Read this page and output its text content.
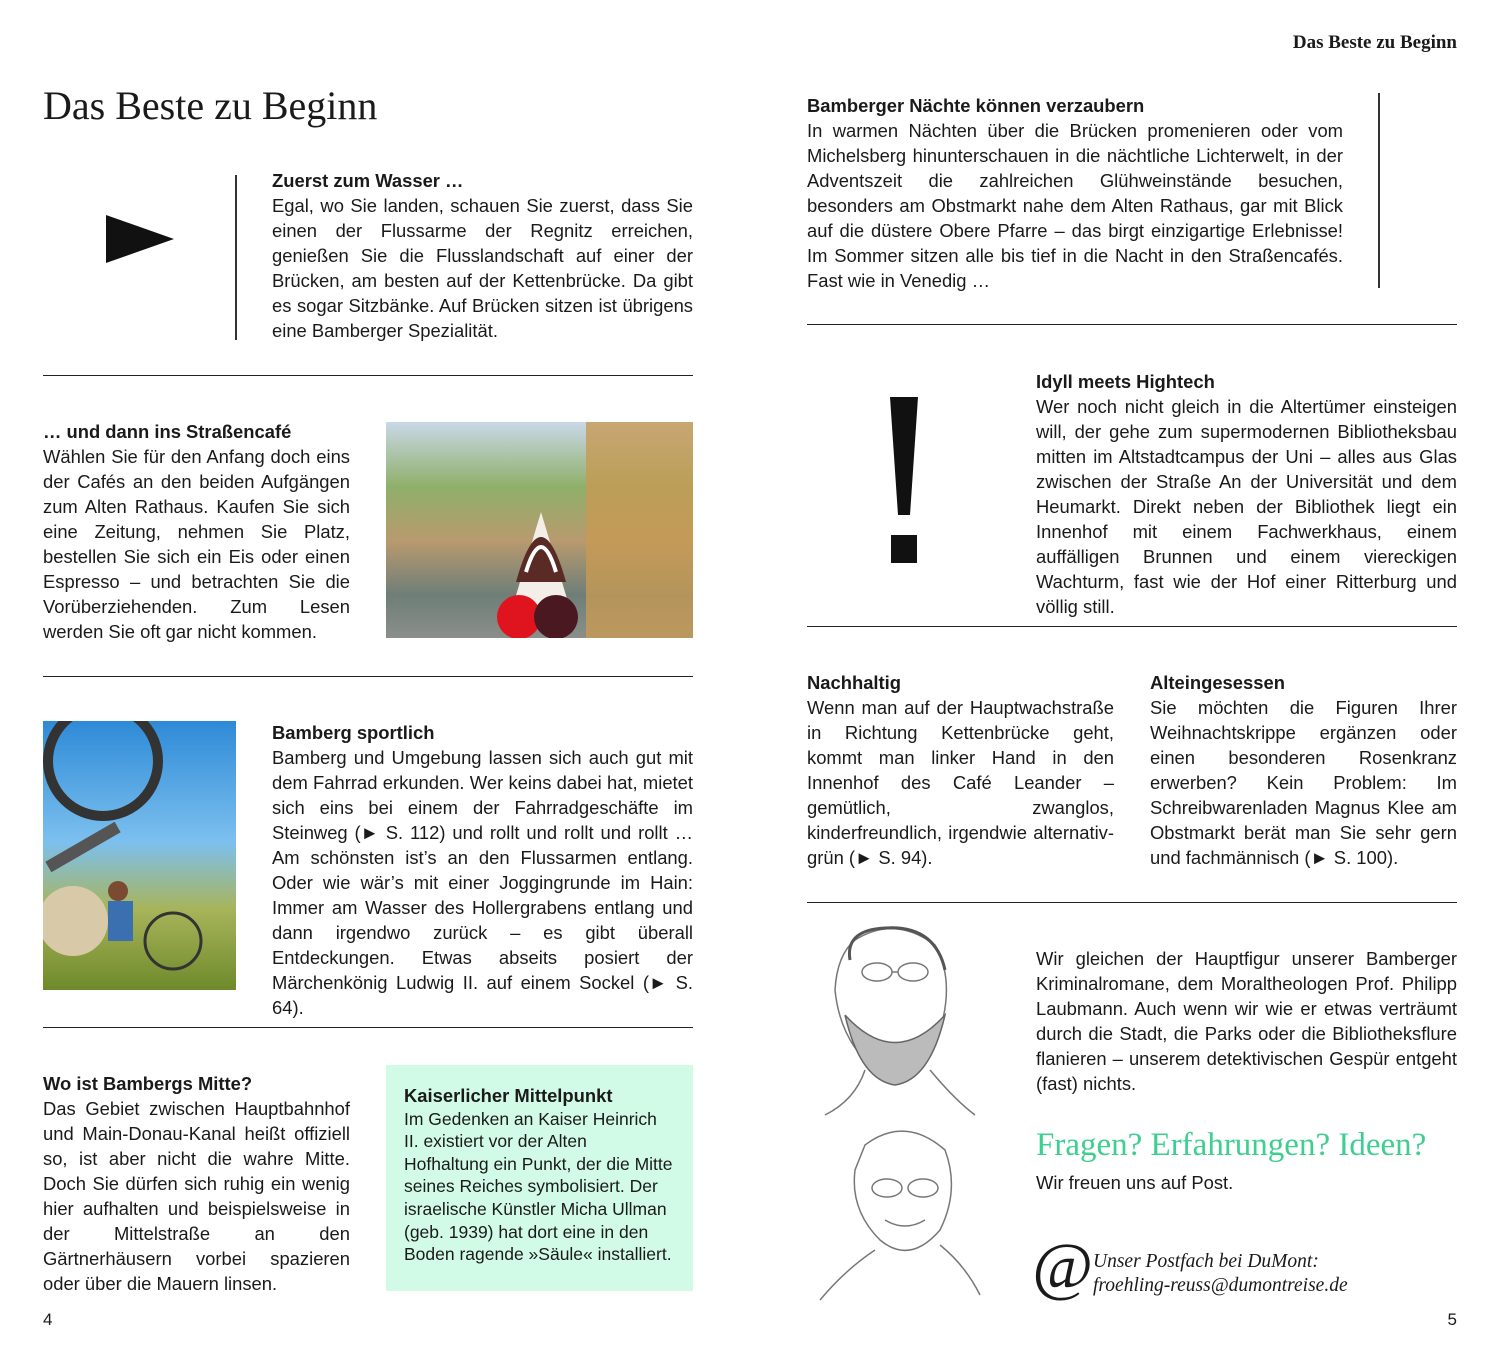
Das Beste zu Beginn
Das Beste zu Beginn
Zuerst zum Wasser …

Egal, wo Sie landen, schauen Sie zuerst, dass Sie einen der Flussarme der Regnitz erreichen, genießen Sie die Flusslandschaft auf einer der Brücken, am besten auf der Kettenbrücke. Da gibt es sogar Sitzbänke. Auf Brücken sitzen ist übrigens eine Bamberger Spezialität.

… und dann ins Straßencafé

Wählen Sie für den Anfang doch eins der Cafés an den beiden Aufgängen zum Alten Rathaus. Kaufen Sie sich eine Zeitung, nehmen Sie Platz, bestellen Sie sich ein Eis oder einen Espresso – und betrachten Sie die Vorüberziehenden. Zum Lesen werden Sie oft gar nicht kommen.

Bamberg sportlich

Bamberg und Umgebung lassen sich auch gut mit dem Fahrrad erkunden. Wer keins dabei hat, mietet sich eins bei einem der Fahrradgeschäfte im Steinweg (► S. 112) und rollt und rollt und rollt … Am schönsten ist’s an den Flussarmen entlang. Oder wie wär’s mit einer Joggingrunde im Hain: Immer am Wasser des Hollergrabens entlang und dann irgendwo zurück – es gibt überall Entdeckungen. Etwas abseits posiert der Märchenkönig Ludwig II. auf einem Sockel (► S. 64).

Wo ist Bambergs Mitte?

Das Gebiet zwischen Hauptbahnhof und Main-Donau-Kanal heißt offiziell so, ist aber nicht die wahre Mitte. Doch Sie dürfen sich ruhig ein wenig hier aufhalten und beispielsweise in der Mittelstraße an den Gärtnerhäusern vorbei spazieren oder über die Mauern linsen.

Kaiserlicher Mittelpunkt
Im Gedenken an Kaiser Heinrich II. existiert vor der Alten Hofhaltung ein Punkt, der die Mitte seines Reiches symbolisiert. Der israelische Künstler Micha Ullman (geb. 1939) hat dort eine in den Boden ragende »Säule« installiert.
4
Bamberger Nächte können verzaubern

In warmen Nächten über die Brücken promenieren oder vom Michelsberg hinunterschauen in die nächtliche Lichterwelt, in der Adventszeit die zahlreichen Glühweinstände besuchen, besonders am Obstmarkt nahe dem Alten Rathaus, gar mit Blick auf die düstere Obere Pfarre – das birgt einzigartige Erlebnisse! Im Sommer sitzen alle bis tief in die Nacht in den Straßencafés. Fast wie in Venedig …

Idyll meets Hightech

Wer noch nicht gleich in die Altertümer einsteigen will, der gehe zum supermodernen Bibliotheksbau mitten im Altstadtcampus der Uni – alles aus Glas zwischen der Straße An der Universität und dem Heumarkt. Direkt neben der Bibliothek liegt ein Innenhof mit einem Fachwerkhaus, einem auffälligen Brunnen und einem viereckigen Wachturm, fast wie der Hof einer Ritterburg und völlig still.

Nachhaltig

Wenn man auf der Hauptwachstraße in Richtung Kettenbrücke geht, kommt man linker Hand in den Innenhof des Café Leander – gemütlich, zwanglos, kinderfreundlich, irgendwie alternativ-grün (► S. 94).

Alteingesessen

Sie möchten die Figuren Ihrer Weihnachtskrippe ergänzen oder einen besonderen Rosenkranz erwerben? Kein Problem: Im Schreibwarenladen Magnus Klee am Obstmarkt berät man Sie sehr gern und fachmännisch (► S. 100).

Wir gleichen der Hauptfigur unserer Bamberger Kriminalromane, dem Moraltheologen Prof. Philipp Laubmann. Auch wenn wir wie er etwas verträumt durch die Stadt, die Parks oder die Bibliotheksflure flanieren – unserem detektivischen Gespür entgeht (fast) nichts.

Fragen? Erfahrungen? Ideen?
Wir freuen uns auf Post.
@ Unser Postfach bei DuMont:
froehling-reuss@dumontreise.de
5
